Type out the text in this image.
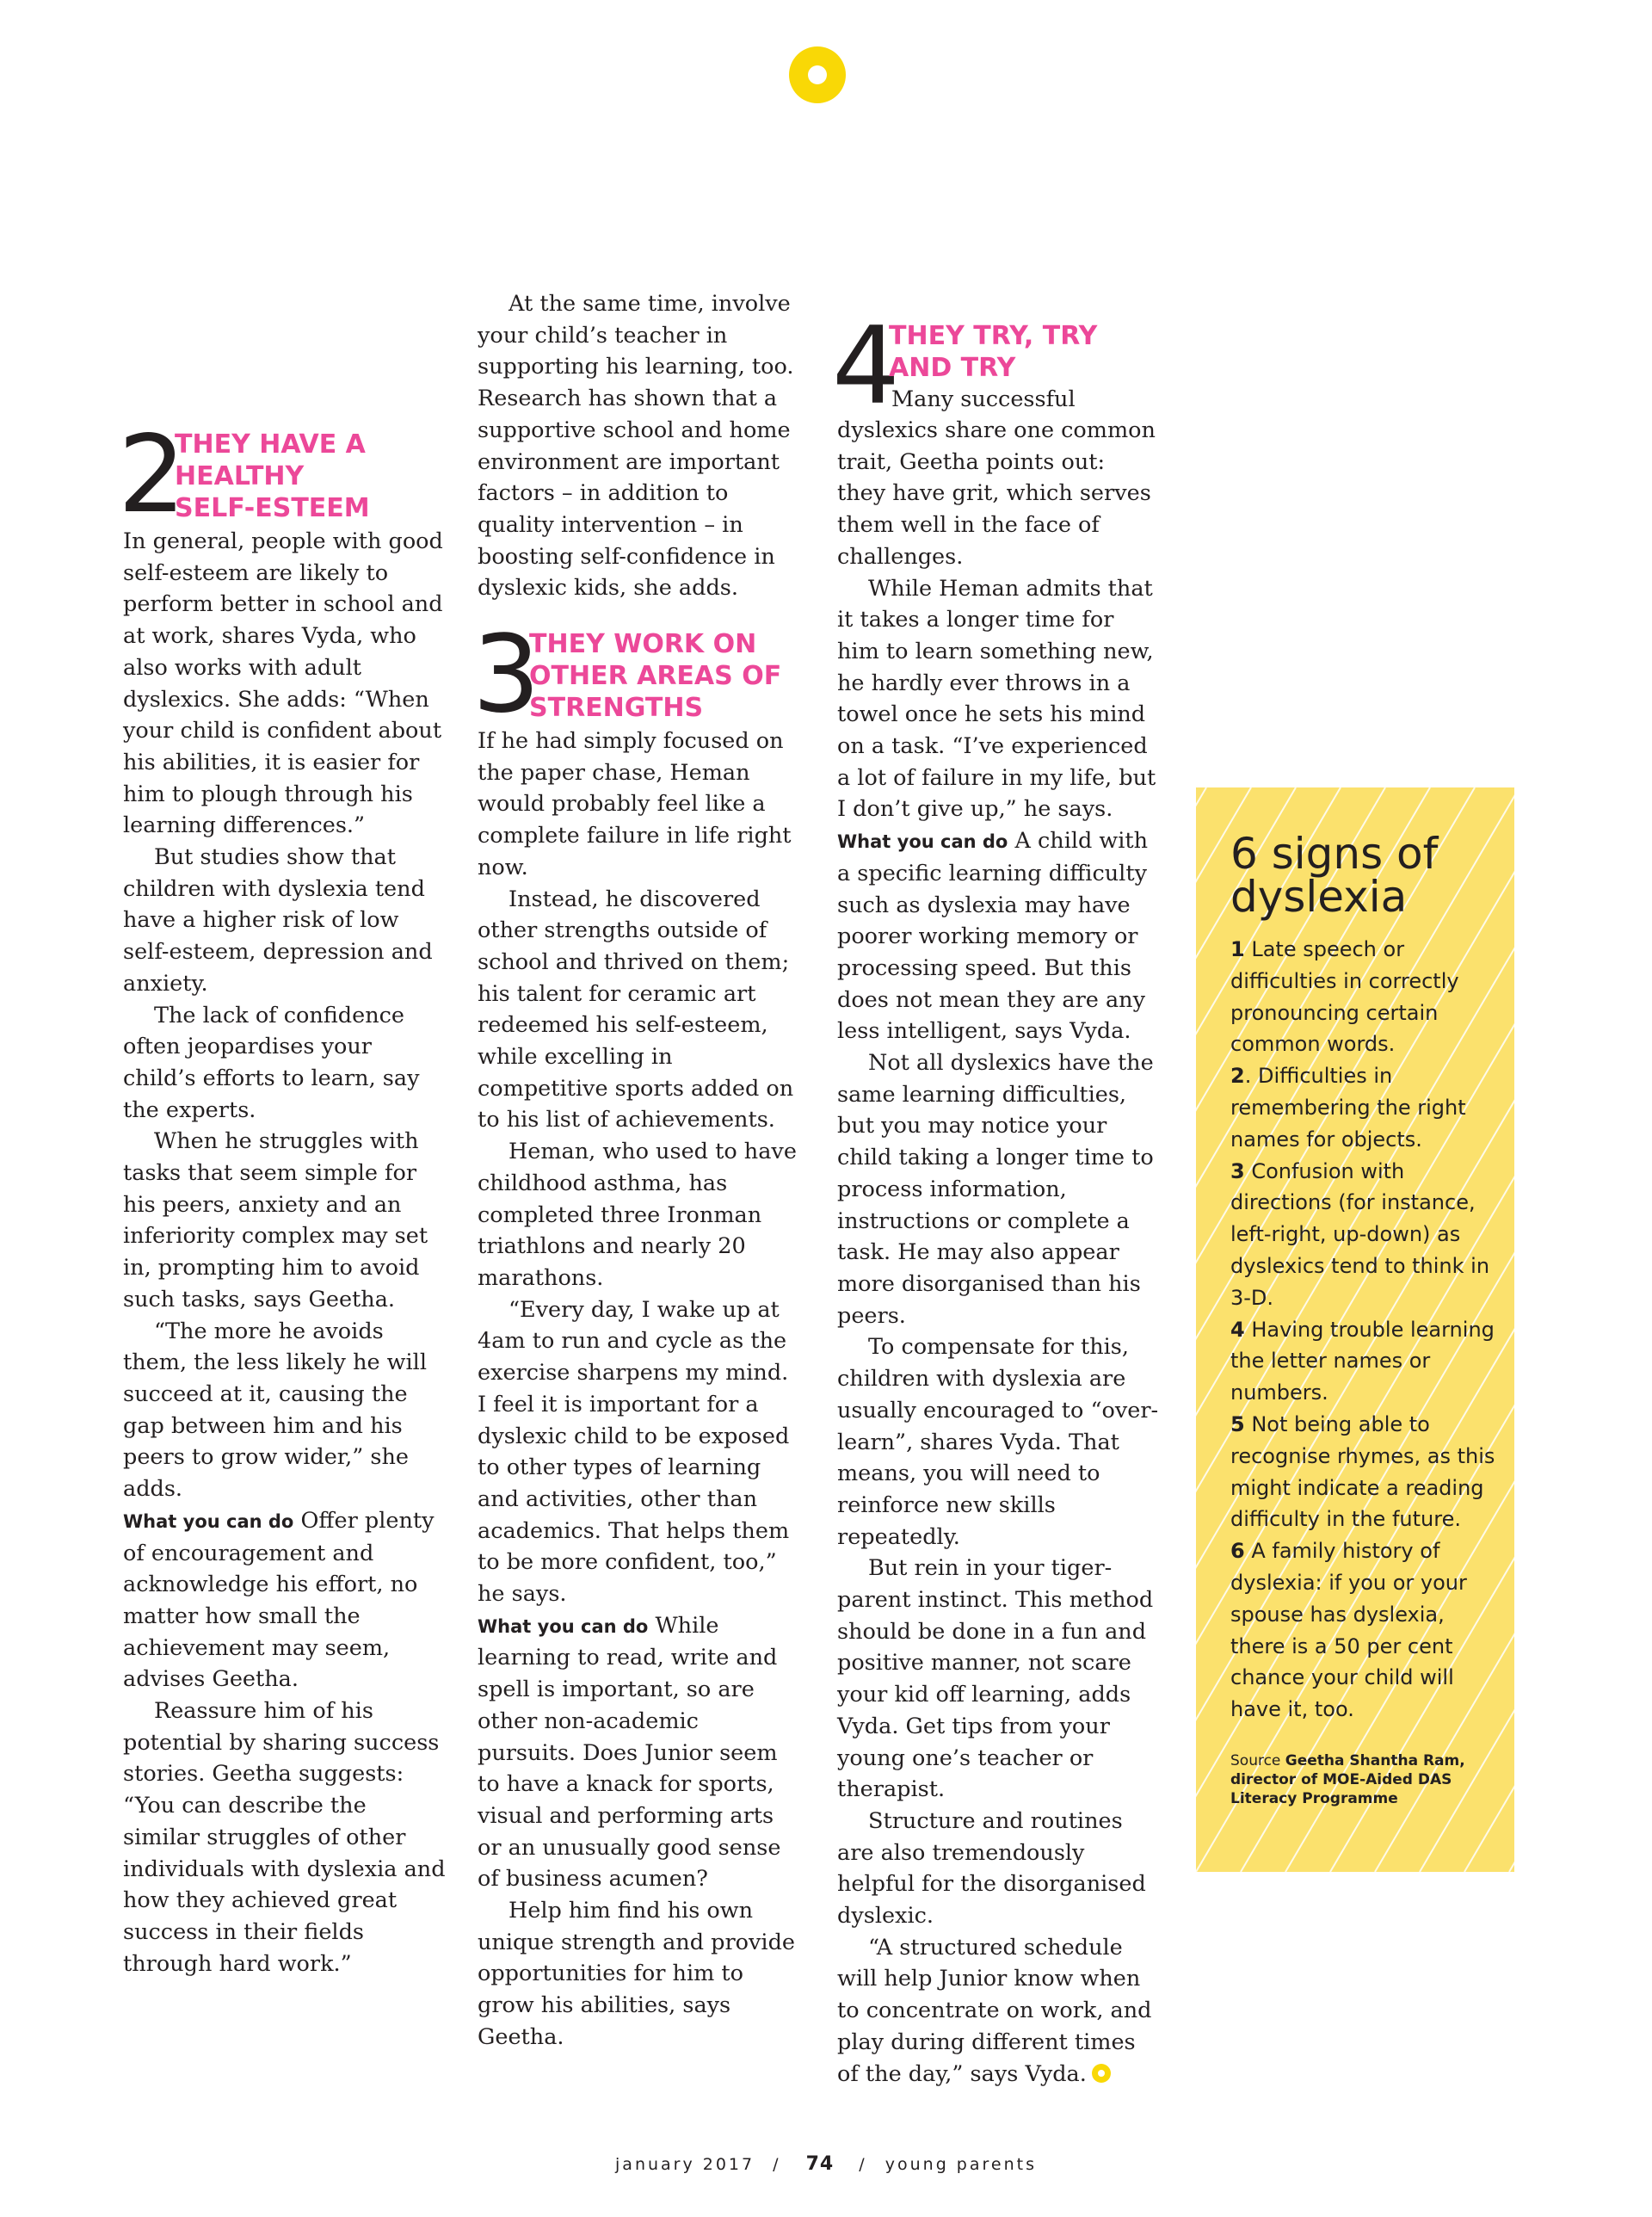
2
THEY HAVE A
HEALTHY
SELF-ESTEEM

In general, people with good self-esteem are likely to perform better in school and at work, shares Vyda, who also works with adult dyslexics. She adds: “When your child is confident about his abilities, it is easier for him to plough through his learning differences.”

But studies show that children with dyslexia tend have a higher risk of low self-esteem, depression and anxiety.

The lack of confidence often jeopardises your child’s efforts to learn, say the experts.

When he struggles with tasks that seem simple for his peers, anxiety and an inferiority complex may set in, prompting him to avoid such tasks, says Geetha.

“The more he avoids them, the less likely he will succeed at it, causing the gap between him and his peers to grow wider,” she adds.

What you can do Offer plenty of encouragement and acknowledge his effort, no matter how small the achievement may seem, advises Geetha.

Reassure him of his potential by sharing success stories. Geetha suggests: “You can describe the similar struggles of other individuals with dyslexia and how they achieved great success in their fields through hard work.”

At the same time, involve your child’s teacher in supporting his learning, too. Research has shown that a supportive school and home environment are important factors – in addition to quality intervention – in boosting self-confidence in dyslexic kids, she adds.

3
THEY WORK ON
OTHER AREAS OF
STRENGTHS

If he had simply focused on the paper chase, Heman would probably feel like a complete failure in life right now.

Instead, he discovered other strengths outside of school and thrived on them; his talent for ceramic art redeemed his self-esteem, while excelling in competitive sports added on to his list of achievements.

Heman, who used to have childhood asthma, has completed three Ironman triathlons and nearly 20 marathons.

“Every day, I wake up at 4am to run and cycle as the exercise sharpens my mind. I feel it is important for a dyslexic child to be exposed to other types of learning and activities, other than academics. That helps them to be more confident, too,” he says.

What you can do While learning to read, write and spell is important, so are other non-academic pursuits. Does Junior seem to have a knack for sports, visual and performing arts or an unusually good sense of business acumen?

Help him find his own unique strength and provide opportunities for him to grow his abilities, says Geetha.

4
THEY TRY, TRY
AND TRY
Many successful

dyslexics share one common trait, Geetha points out: they have grit, which serves them well in the face of challenges.

While Heman admits that it takes a longer time for him to learn something new, he hardly ever throws in a towel once he sets his mind on a task. “I’ve experienced a lot of failure in my life, but I don’t give up,” he says.

What you can do A child with a specific learning difficulty such as dyslexia may have poorer working memory or processing speed. But this does not mean they are any less intelligent, says Vyda.

Not all dyslexics have the same learning difficulties, but you may notice your child taking a longer time to process information, instructions or complete a task. He may also appear more disorganised than his peers.

To compensate for this, children with dyslexia are usually encouraged to “over-learn”, shares Vyda. That means, you will need to reinforce new skills repeatedly.

But rein in your tiger-parent instinct. This method should be done in a fun and positive manner, not scare your kid off learning, adds Vyda. Get tips from your young one’s teacher or therapist.

Structure and routines are also tremendously helpful for the disorganised dyslexic.

“A structured schedule will help Junior know when to concentrate on work, and play during different times of the day,” says Vyda.

6 signs of dyslexia
1 Late speech or difficulties in correctly pronouncing certain common words.
2. Difficulties in remembering the right names for objects.
3 Confusion with directions (for instance, left-right, up-down) as dyslexics tend to think in 3-D.
4 Having trouble learning the letter names or numbers.
5 Not being able to recognise rhymes, as this might indicate a reading difficulty in the future.
6 A family history of dyslexia: if you or your spouse has dyslexia, there is a 50 per cent chance your child will have it, too.
Source Geetha Shantha Ram, director of MOE-Aided DAS Literacy Programme
january 2017 / 74 / young parents
